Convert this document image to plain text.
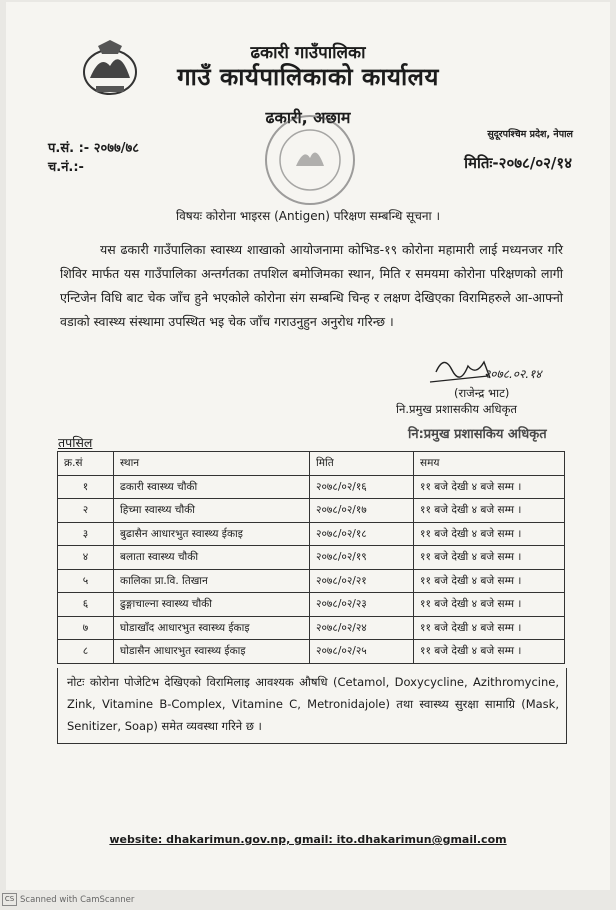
ढकारी गाउँपालिका
गाउँ कार्यपालिकाको कार्यालय
ढकारी, अछाम
सुदूरपश्चिम प्रदेश, नेपाल
प.सं. :- २०७७/७८
च.नं.:-	मितिः-२०७८/०२/१४
विषयः कोरोना भाइरस (Antigen) परिक्षण सम्बन्धि सूचना ।
यस ढकारी गाउँपालिका स्वास्थ्य शाखाको आयोजनामा कोभिड-१९ कोरोना महामारी लाई मध्यनजर गरि शिविर मार्फत यस गाउँपालिका अन्तर्गतका तपशिल बमोजिमका स्थान, मिति र समयमा कोरोना परिक्षणको लागी एन्टिजेन विधि बाट चेक जाँच हुने भएकोले कोरोना संग सम्बन्धि चिन्ह र लक्षण देखिएका विरामिहरुले आ-आफ्नो वडाको स्वास्थ्य संस्थामा उपस्थित भइ चेक जाँच गराउनुहुन अनुरोध गरिन्छ ।
२०७८.०२.१४
(राजेन्द्र भाट)
नि.प्रमुख प्रशासकीय अधिकृत
नि:प्रमुख प्रशासकिय अधिकृत
तपसिल
क्र.सं	स्थान	मिति	समय
१	ढकारी स्वास्थ्य चौकी	२०७८/०२/१६	११ बजे देखी ४ बजे सम्म ।
२	हिच्मा स्वास्थ्य चौकी	२०७८/०२/१७	११ बजे देखी ४ बजे सम्म ।
३	बुढासैन आधारभुत स्वास्थ्य ईकाइ	२०७८/०२/१८	११ बजे देखी ४ बजे सम्म ।
४	बलाता स्वास्थ्य चौकी	२०७८/०२/१९	११ बजे देखी ४ बजे सम्म ।
५	कालिका प्रा.वि. तिखान	२०७८/०२/२१	११ बजे देखी ४ बजे सम्म ।
६	ढुङ्गाचाल्ना स्वास्थ्य चौकी	२०७८/०२/२३	११ बजे देखी ४ बजे सम्म ।
७	घोडाखाँद आधारभुत स्वास्थ्य ईकाइ	२०७८/०२/२४	११ बजे देखी ४ बजे सम्म ।
८	घोडासैन आधारभुत स्वास्थ्य ईकाइ	२०७८/०२/२५	११ बजे देखी ४ बजे सम्म ।
नोटः कोरोना पोजेटिभ देखिएको विरामिलाइ आवश्यक औषधि (Cetamol, Doxycycline, Azithromycine, Zink, Vitamine B-Complex, Vitamine C, Metronidajole) तथा स्वास्थ्य सुरक्षा सामाग्रि (Mask, Senitizer, Soap) समेत व्यवस्था गरिने छ ।
website: dhakarimun.gov.np, gmail: ito.dhakarimun@gmail.com
CS Scanned with CamScanner
